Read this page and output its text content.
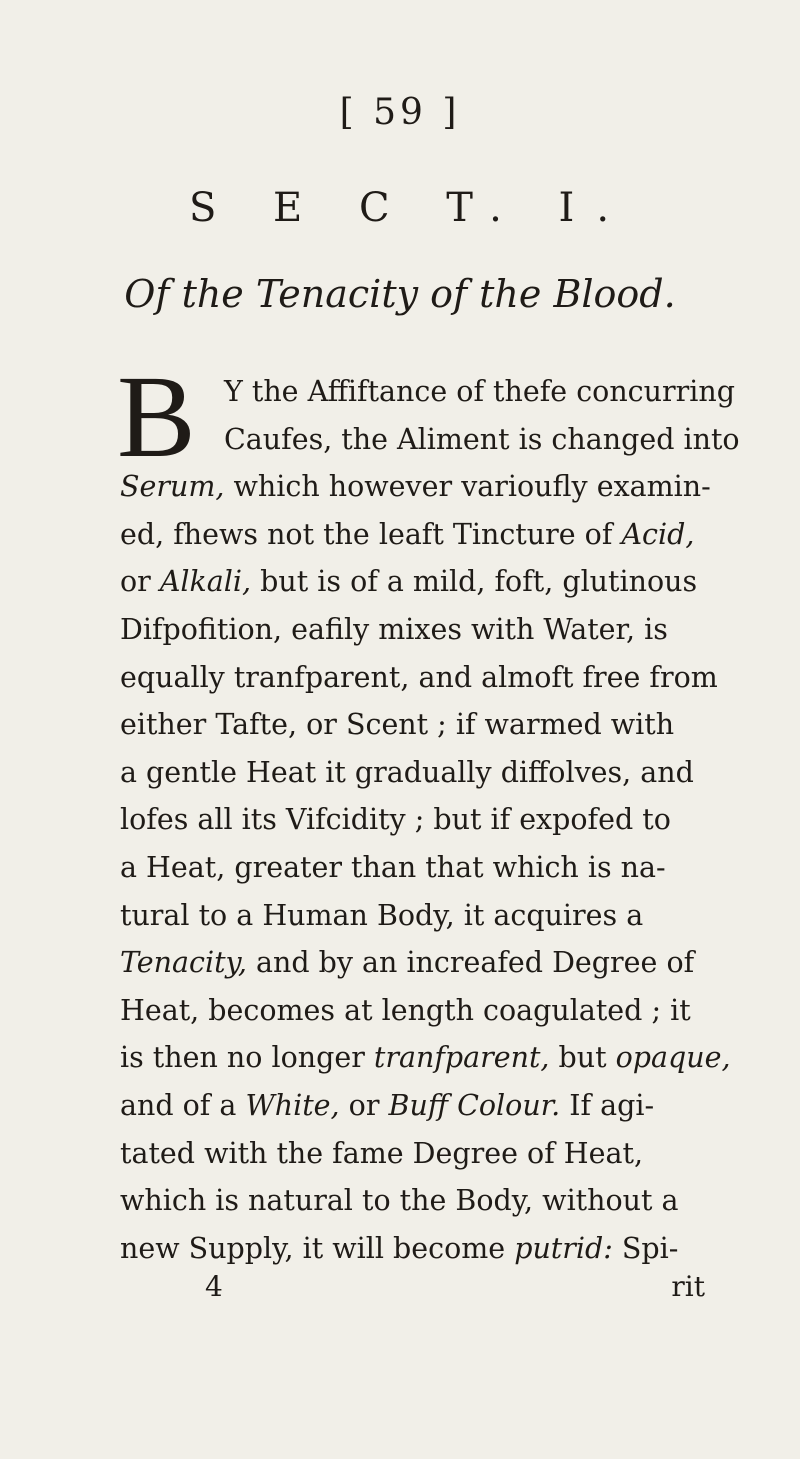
[ 59 ]
S E C T. I.
Of the Tenacity of the Blood.
B Y the Affiftance of thefe concurring
Caufes, the Aliment is changed into
Serum, which however varioufly examin-
ed, fhews not the leaft Tincture of Acid,
or Alkali, but is of a mild, foft, glutinous
Difpofition, eafily mixes with Water, is
equally tranfparent, and almoft free from
either Tafte, or Scent ; if warmed with
a gentle Heat it gradually diffolves, and
lofes all its Vifcidity ; but if expofed to
a Heat, greater than that which is na-
tural to a Human Body, it acquires a
Tenacity, and by an increafed Degree of
Heat, becomes at length coagulated ; it
is then no longer tranfparent, but opaque,
and of a White, or Buff Colour. If agi-
tated with the fame Degree of Heat,
which is natural to the Body, without a
new Supply, it will become putrid: Spi-
4	rit
